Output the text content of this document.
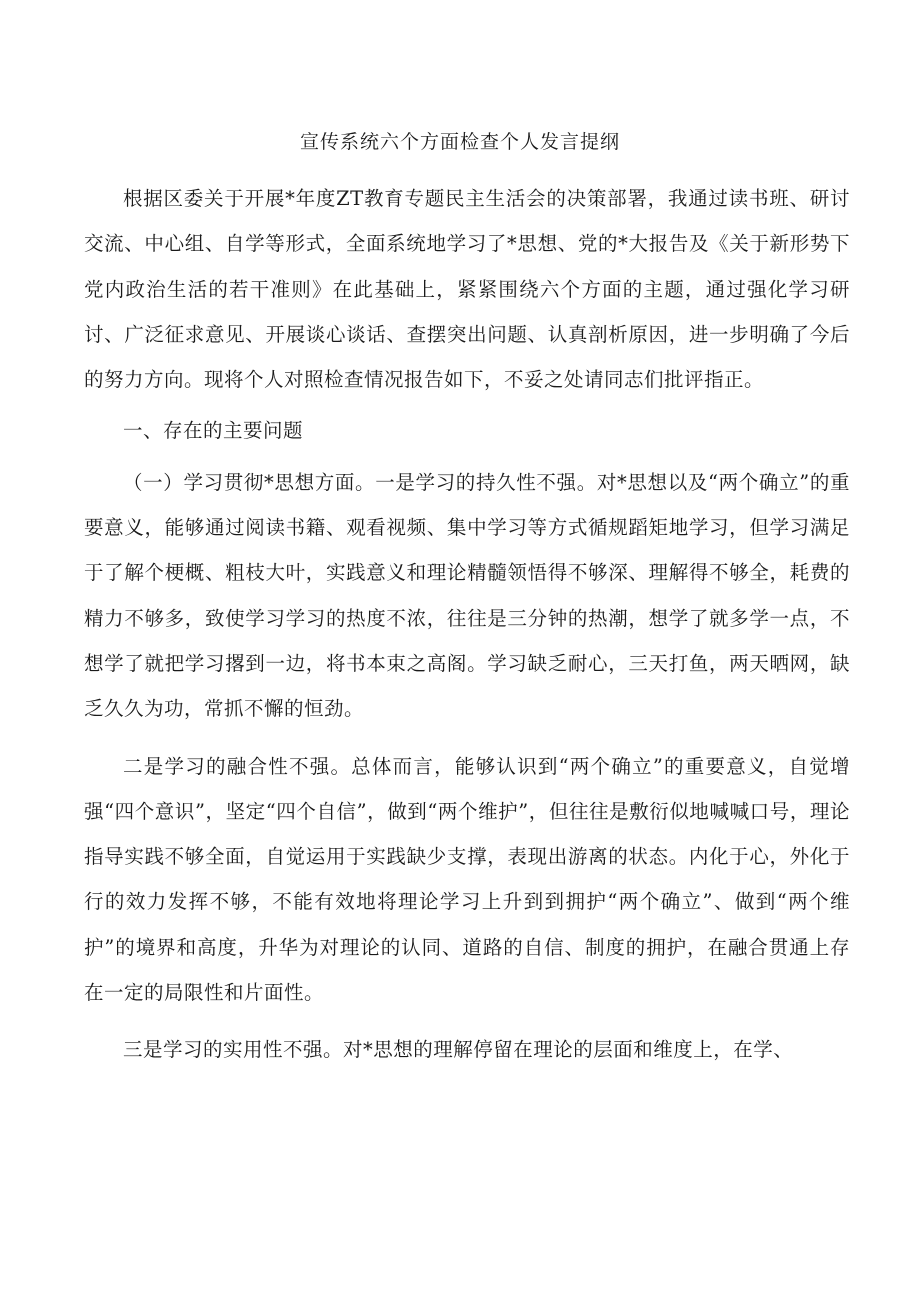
宣传系统六个方面检查个人发言提纲

根据区委关于开展*年度ZT教育专题民主生活会的决策部署，我通过读书班、研讨交流、中心组、自学等形式，全面系统地学习了*思想、党的*大报告及《关于新形势下党内政治生活的若干准则》在此基础上，紧紧围绕六个方面的主题，通过强化学习研讨、广泛征求意见、开展谈心谈话、查摆突出问题、认真剖析原因，进一步明确了今后的努力方向。现将个人对照检查情况报告如下，不妥之处请同志们批评指正。

一、存在的主要问题

（一）学习贯彻*思想方面。一是学习的持久性不强。对*思想以及“两个确立”的重要意义，能够通过阅读书籍、观看视频、集中学习等方式循规蹈矩地学习，但学习满足于了解个梗概、粗枝大叶，实践意义和理论精髓领悟得不够深、理解得不够全，耗费的精力不够多，致使学习学习的热度不浓，往往是三分钟的热潮，想学了就多学一点，不想学了就把学习撂到一边，将书本束之高阁。学习缺乏耐心，三天打鱼，两天晒网，缺乏久久为功，常抓不懈的恒劲。

二是学习的融合性不强。总体而言，能够认识到“两个确立”的重要意义，自觉增强“四个意识”，坚定“四个自信”，做到“两个维护”，但往往是敷衍似地喊喊口号，理论指导实践不够全面，自觉运用于实践缺少支撑，表现出游离的状态。内化于心，外化于行的效力发挥不够，不能有效地将理论学习上升到到拥护“两个确立”、做到“两个维护”的境界和高度，升华为对理论的认同、道路的自信、制度的拥护，在融合贯通上存在一定的局限性和片面性。

三是学习的实用性不强。对*思想的理解停留在理论的层面和维度上，在学、
